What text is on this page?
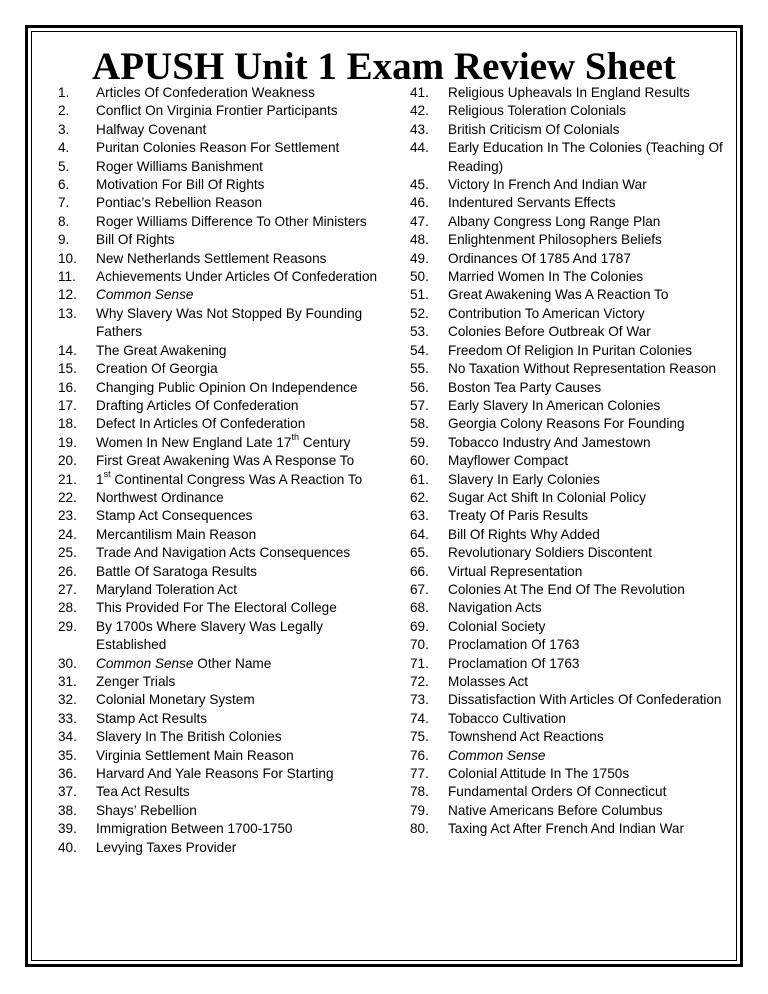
APUSH Unit 1 Exam Review Sheet
1. Articles Of Confederation Weakness
2. Conflict On Virginia Frontier Participants
3. Halfway Covenant
4. Puritan Colonies Reason For Settlement
5. Roger Williams Banishment
6. Motivation For Bill Of Rights
7. Pontiac’s Rebellion Reason
8. Roger Williams Difference To Other Ministers
9. Bill Of Rights
10. New Netherlands Settlement Reasons
11. Achievements Under Articles Of Confederation
12. Common Sense
13. Why Slavery Was Not Stopped By Founding Fathers
14. The Great Awakening
15. Creation Of Georgia
16. Changing Public Opinion On Independence
17. Drafting Articles Of Confederation
18. Defect In Articles Of Confederation
19. Women In New England Late 17th Century
20. First Great Awakening Was A Response To
21. 1st Continental Congress Was A Reaction To
22. Northwest Ordinance
23. Stamp Act Consequences
24. Mercantilism Main Reason
25. Trade And Navigation Acts Consequences
26. Battle Of Saratoga Results
27. Maryland Toleration Act
28. This Provided For The Electoral College
29. By 1700s Where Slavery Was Legally Established
30. Common Sense Other Name
31. Zenger Trials
32. Colonial Monetary System
33. Stamp Act Results
34. Slavery In The British Colonies
35. Virginia Settlement Main Reason
36. Harvard And Yale Reasons For Starting
37. Tea Act Results
38. Shays’ Rebellion
39. Immigration Between 1700-1750
40. Levying Taxes Provider
41. Religious Upheavals In England Results
42. Religious Toleration Colonials
43. British Criticism Of Colonials
44. Early Education In The Colonies (Teaching Of Reading)
45. Victory In French And Indian War
46. Indentured Servants Effects
47. Albany Congress Long Range Plan
48. Enlightenment Philosophers Beliefs
49. Ordinances Of 1785 And 1787
50. Married Women In The Colonies
51. Great Awakening Was A Reaction To
52. Contribution To American Victory
53. Colonies Before Outbreak Of War
54. Freedom Of Religion In Puritan Colonies
55. No Taxation Without Representation Reason
56. Boston Tea Party Causes
57. Early Slavery In American Colonies
58. Georgia Colony Reasons For Founding
59. Tobacco Industry And Jamestown
60. Mayflower Compact
61. Slavery In Early Colonies
62. Sugar Act Shift In Colonial Policy
63. Treaty Of Paris Results
64. Bill Of Rights Why Added
65. Revolutionary Soldiers Discontent
66. Virtual Representation
67. Colonies At The End Of The Revolution
68. Navigation Acts
69. Colonial Society
70. Proclamation Of 1763
71. Proclamation Of 1763
72. Molasses Act
73. Dissatisfaction With Articles Of Confederation
74. Tobacco Cultivation
75. Townshend Act Reactions
76. Common Sense
77. Colonial Attitude In The 1750s
78. Fundamental Orders Of Connecticut
79. Native Americans Before Columbus
80. Taxing Act After French And Indian War
